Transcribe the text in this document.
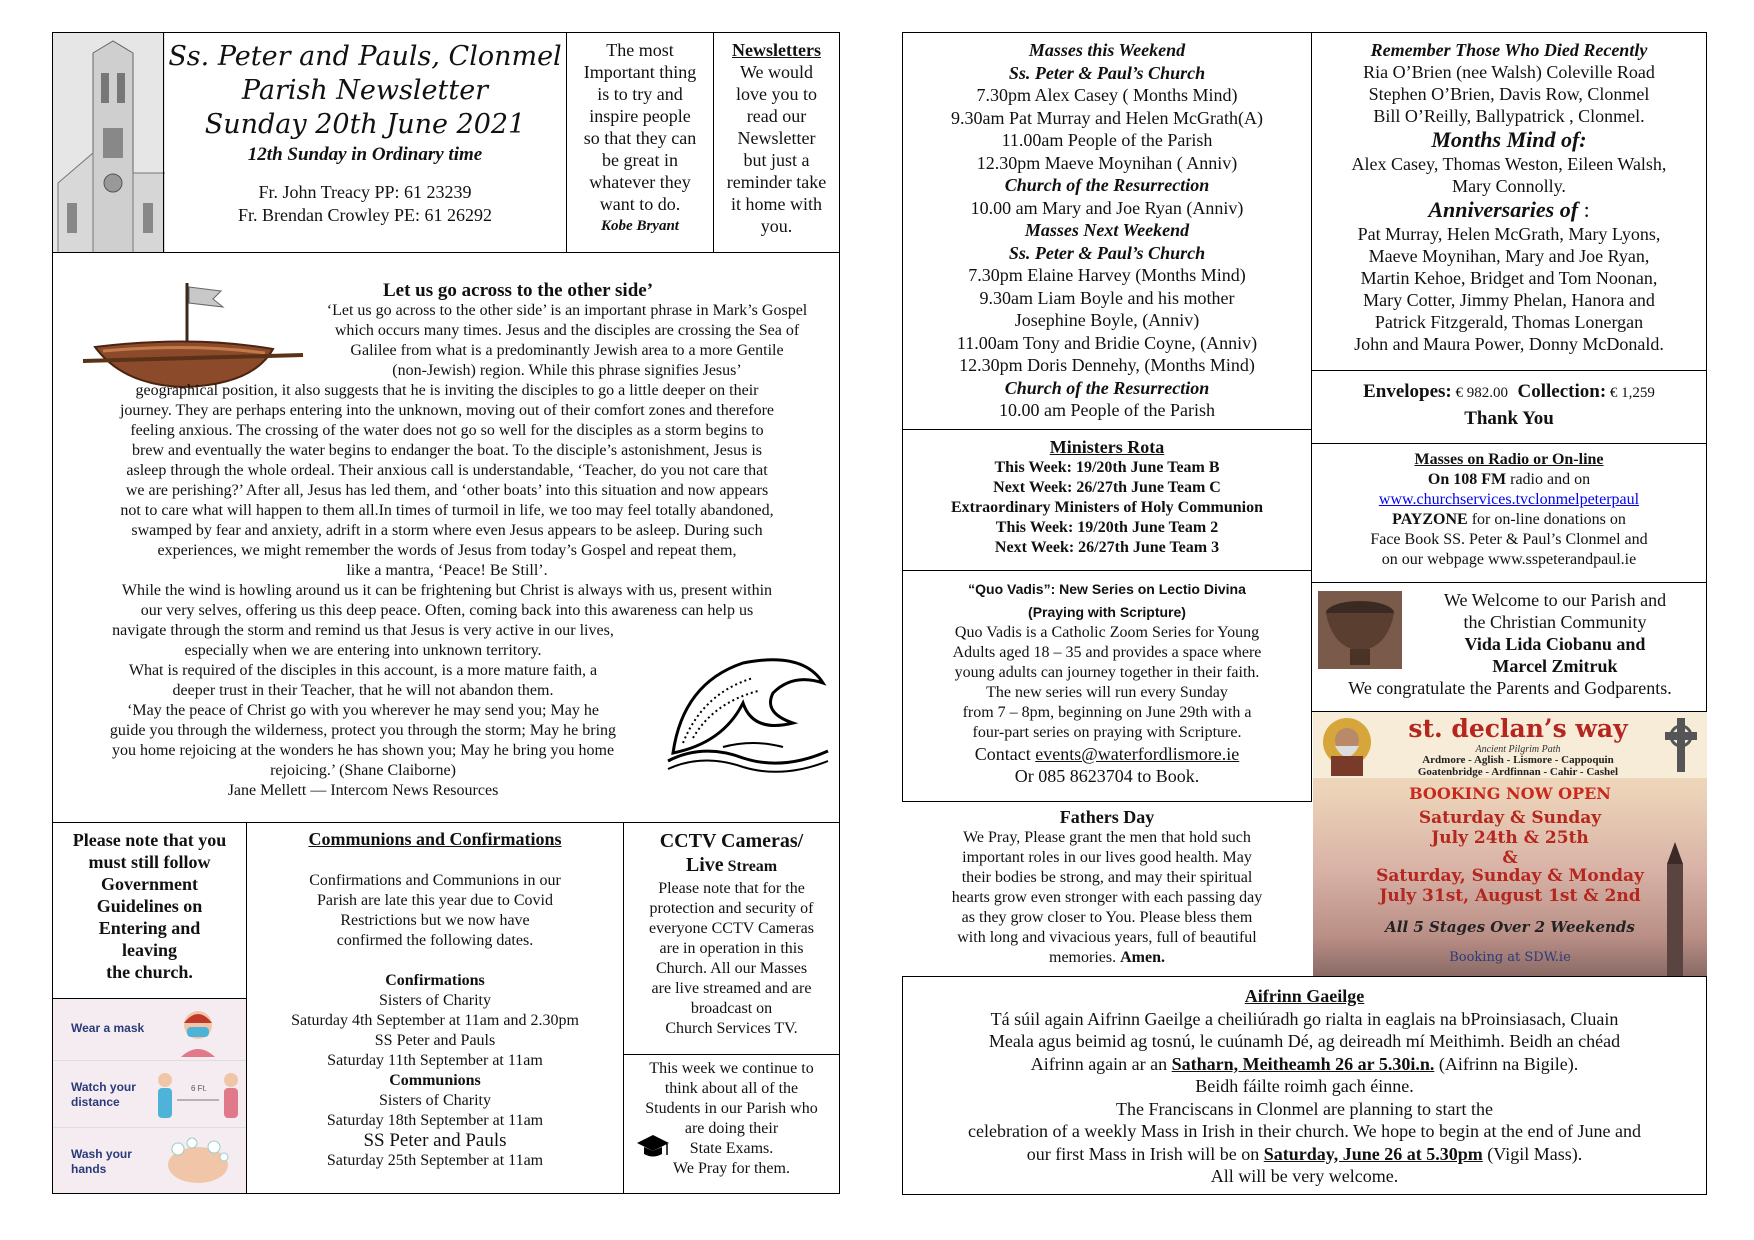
Ss. Peter and Pauls, Clonmel
Parish Newsletter
Sunday 20th June 2021
12th Sunday in Ordinary time
Fr. John Treacy PP: 61 23239
Fr. Brendan Crowley PE: 61 26292
The most
Important thing
is to try and
inspire people
so that they can
be great in
whatever they
want to do.
Kobe Bryant
Newsletters
We would
love you to
read our
Newsletter
but just a
reminder take
it home with
you.
Let us go across to the other side’
‘Let us go across to the other side’ is an important phrase in Mark’s Gospel
which occurs many times. Jesus and the disciples are crossing the Sea of
Galilee from what is a predominantly Jewish area to a more Gentile
(non-Jewish) region. While this phrase signifies Jesus’
geographical position, it also suggests that he is inviting the disciples to go a little deeper on their
journey. They are perhaps entering into the unknown, moving out of their comfort zones and therefore
feeling anxious. The crossing of the water does not go so well for the disciples as a storm begins to
brew and eventually the water begins to endanger the boat. To the disciple’s astonishment, Jesus is
asleep through the whole ordeal. Their anxious call is understandable, ‘Teacher, do you not care that
we are perishing?’ After all, Jesus has led them, and ‘other boats’ into this situation and now appears
not to care what will happen to them all.In times of turmoil in life, we too may feel totally abandoned,
swamped by fear and anxiety, adrift in a storm where even Jesus appears to be asleep. During such
experiences, we might remember the words of Jesus from today’s Gospel and repeat them,
like a mantra, ‘Peace! Be Still’.
While the wind is howling around us it can be frightening but Christ is always with us, present within
our very selves, offering us this deep peace. Often, coming back into this awareness can help us
navigate through the storm and remind us that Jesus is very active in our lives,
especially when we are entering into unknown territory.
What is required of the disciples in this account, is a more mature faith, a
deeper trust in their Teacher, that he will not abandon them.
‘May the peace of Christ go with you wherever he may send you; May he
guide you through the wilderness, protect you through the storm; May he bring
you home rejoicing at the wonders he has shown you; May he bring you home
rejoicing.’ (Shane Claiborne)
Jane Mellett — Intercom News Resources
Please note that you
must still follow
Government
Guidelines on
Entering and
leaving
the church.
Wear a mask
Watch your distance
6 Ft.
Wash your hands
Communions and Confirmations
Confirmations and Communions in our
Parish are late this year due to Covid
Restrictions but we now have
confirmed the following dates.
Confirmations
Sisters of Charity
Saturday 4th September at 11am and 2.30pm
SS Peter and Pauls
Saturday 11th September at 11am
Communions
Sisters of Charity
Saturday 18th September at 11am
SS Peter and Pauls
Saturday 25th September at 11am
CCTV Cameras/
Live Stream
Please note that for the
protection and security of
everyone CCTV Cameras
are in operation in this
Church. All our Masses
are live streamed and are
broadcast on
Church Services TV.
This week we continue to
think about all of the
Students in our Parish who
are doing their
State Exams.
We Pray for them.
Masses this Weekend
Ss. Peter & Paul’s Church
7.30pm Alex Casey ( Months Mind)
9.30am Pat Murray and Helen McGrath(A)
11.00am People of the Parish
12.30pm Maeve Moynihan ( Anniv)
Church of the Resurrection
10.00 am Mary and Joe Ryan (Anniv)
Masses Next Weekend
Ss. Peter & Paul’s Church
7.30pm Elaine Harvey (Months Mind)
9.30am Liam Boyle and his mother
Josephine Boyle, (Anniv)
11.00am Tony and Bridie Coyne, (Anniv)
12.30pm Doris Dennehy, (Months Mind)
Church of the Resurrection
10.00 am People of the Parish
Ministers Rota
This Week: 19/20th June Team B
Next Week: 26/27th June Team C
Extraordinary Ministers of Holy Communion
This Week: 19/20th June Team 2
Next Week: 26/27th June Team 3
“Quo Vadis”: New Series on Lectio Divina
(Praying with Scripture)
Quo Vadis is a Catholic Zoom Series for Young
Adults aged 18 – 35 and provides a space where
young adults can journey together in their faith.
The new series will run every Sunday
from 7 – 8pm, beginning on June 29th with a
four-part series on praying with Scripture.
Contact events@waterfordlismore.ie
Or 085 8623704 to Book.
Fathers Day
We Pray, Please grant the men that hold such
important roles in our lives good health. May
their bodies be strong, and may their spiritual
hearts grow even stronger with each passing day
as they grow closer to You. Please bless them
with long and vivacious years, full of beautiful
memories. Amen.
Remember Those Who Died Recently
Ria O’Brien (nee Walsh) Coleville Road
Stephen O’Brien, Davis Row, Clonmel
Bill O’Reilly, Ballypatrick , Clonmel.
Months Mind of:
Alex Casey, Thomas Weston, Eileen Walsh,
Mary Connolly.
Anniversaries of :
Pat Murray, Helen McGrath, Mary Lyons,
Maeve Moynihan, Mary and Joe Ryan,
Martin Kehoe, Bridget and Tom Noonan,
Mary Cotter, Jimmy Phelan, Hanora and
Patrick Fitzgerald, Thomas Lonergan
John and Maura Power, Donny McDonald.
Envelopes: € 982.00 Collection: € 1,259
Thank You
Masses on Radio or On-line
On 108 FM radio and on
www.churchservices.tvclonmelpeterpaul
PAYZONE for on-line donations on
Face Book SS. Peter & Paul’s Clonmel and
on our webpage www.sspeterandpaul.ie
We Welcome to our Parish and
the Christian Community
Vida Lida Ciobanu and
Marcel Zmitruk
We congratulate the Parents and Godparents.
st. declan’s way
Ancient Pilgrim Path
Ardmore - Aglish - Lismore - Cappoquin
Goatenbridge - Ardfinnan - Cahir - Cashel
BOOKING NOW OPEN
Saturday & Sunday
July 24th & 25th
&
Saturday, Sunday & Monday
July 31st, August 1st & 2nd
All 5 Stages Over 2 Weekends
Booking at SDW.ie
Aifrinn Gaeilge
Tá súil again Aifrinn Gaeilge a cheiliúradh go rialta in eaglais na bProinsiasach, Cluain
Meala agus beimid ag tosnú, le cuúnamh Dé, ag deireadh mí Meithimh. Beidh an chéad
Aifrinn again ar an Satharn, Meitheamh 26 ar 5.30i.n. (Aifrinn na Bigile).
Beidh fáilte roimh gach éinne.
The Franciscans in Clonmel are planning to start the
celebration of a weekly Mass in Irish in their church. We hope to begin at the end of June and
our first Mass in Irish will be on Saturday, June 26 at 5.30pm (Vigil Mass).
All will be very welcome.
